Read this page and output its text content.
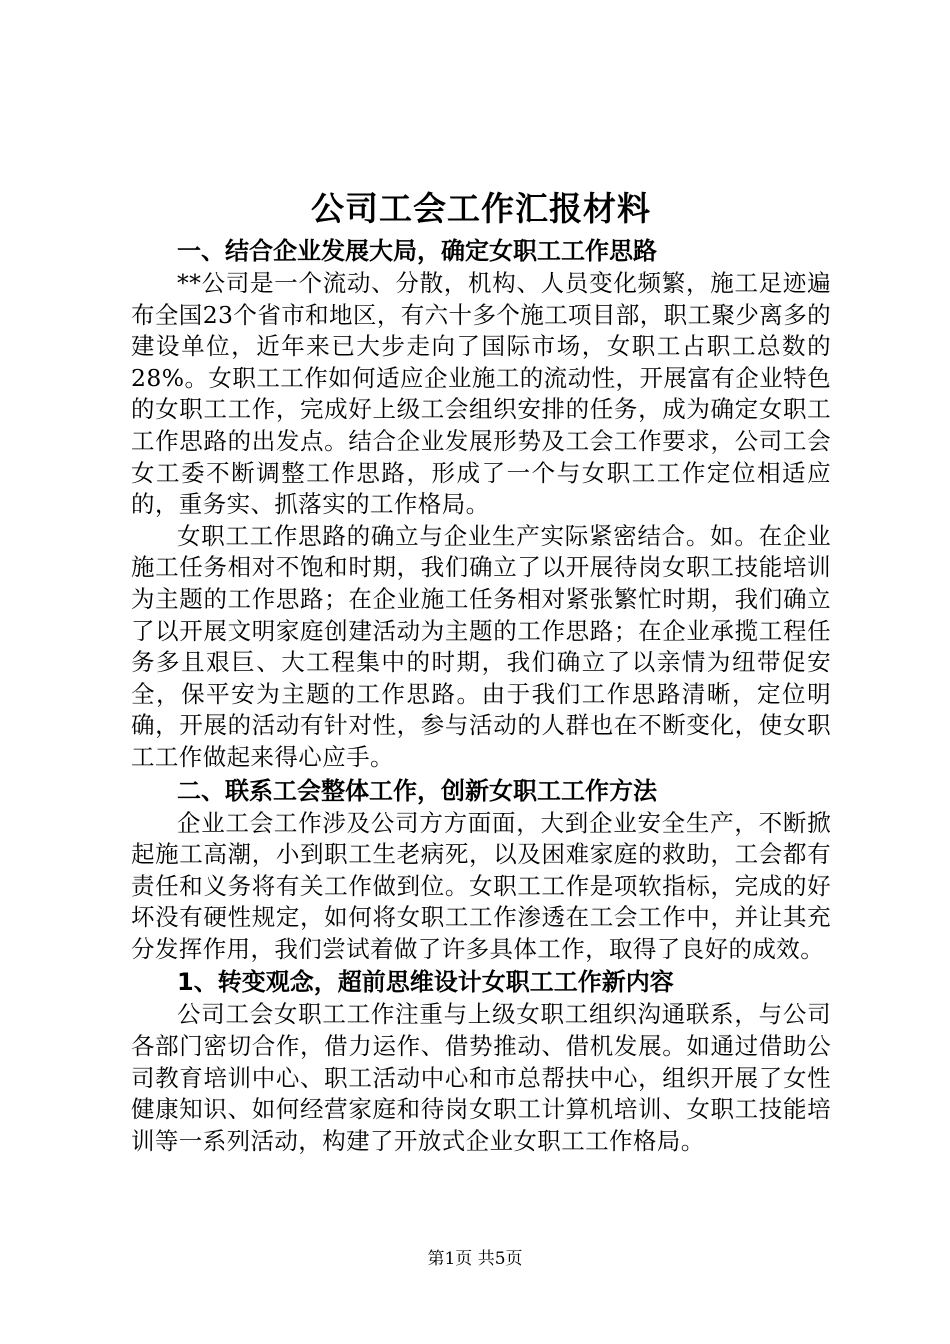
公司工会工作汇报材料

一、结合企业发展大局，确定女职工工作思路

**公司是一个流动、分散，机构、人员变化频繁，施工足迹遍布全国23个省市和地区，有六十多个施工项目部，职工聚少离多的建设单位，近年来已大步走向了国际市场，女职工占职工总数的28%。女职工工作如何适应企业施工的流动性，开展富有企业特色的女职工工作，完成好上级工会组织安排的任务，成为确定女职工工作思路的出发点。结合企业发展形势及工会工作要求，公司工会女工委不断调整工作思路，形成了一个与女职工工作定位相适应的，重务实、抓落实的工作格局。

女职工工作思路的确立与企业生产实际紧密结合。如。在企业施工任务相对不饱和时期，我们确立了以开展待岗女职工技能培训为主题的工作思路；在企业施工任务相对紧张繁忙时期，我们确立了以开展文明家庭创建活动为主题的工作思路；在企业承揽工程任务多且艰巨、大工程集中的时期，我们确立了以亲情为纽带促安全，保平安为主题的工作思路。由于我们工作思路清晰，定位明确，开展的活动有针对性，参与活动的人群也在不断变化，使女职工工作做起来得心应手。

二、联系工会整体工作，创新女职工工作方法

企业工会工作涉及公司方方面面，大到企业安全生产，不断掀起施工高潮，小到职工生老病死，以及困难家庭的救助，工会都有责任和义务将有关工作做到位。女职工工作是项软指标，完成的好坏没有硬性规定，如何将女职工工作渗透在工会工作中，并让其充分发挥作用，我们尝试着做了许多具体工作，取得了良好的成效。

1、转变观念，超前思维设计女职工工作新内容

公司工会女职工工作注重与上级女职工组织沟通联系，与公司各部门密切合作，借力运作、借势推动、借机发展。如通过借助公司教育培训中心、职工活动中心和市总帮扶中心，组织开展了女性健康知识、如何经营家庭和待岗女职工计算机培训、女职工技能培训等一系列活动，构建了开放式企业女职工工作格局。

第1页 共5页
